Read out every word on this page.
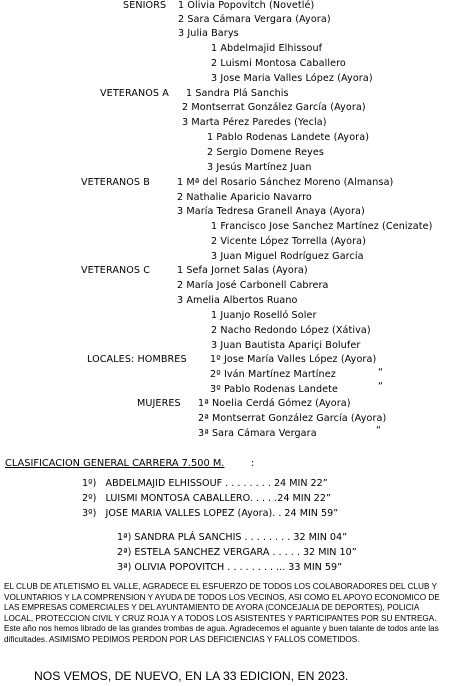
SENIORS 1 Olivia Popovitch (Novetlé)
2 Sara Cámara Vergara (Ayora)
3 Julia Barys
1 Abdelmajid Elhissouf
2 Luismi Montosa Caballero
3 Jose Maria Valles López (Ayora)
VETERANOS A 1 Sandra Plá Sanchis
2 Montserrat González García (Ayora)
3 Marta Pérez Paredes (Yecla)
1 Pablo Rodenas Landete (Ayora)
2 Sergio Domene Reyes
3 Jesús Martínez Juan
VETERANOS B	1 Mª del Rosario Sánchez Moreno (Almansa)
2 Nathalie Aparicio Navarro
3 María Tedresa Granell Anaya (Ayora)
1 Francisco Jose Sanchez Martínez (Cenizate)
2 Vicente López Torrella (Ayora)
3 Juan Miguel Rodríguez García
VETERANOS C	1 Sefa Jornet Salas (Ayora)
2 María José Carbonell Cabrera
3 Amelia Albertos Ruano
1 Juanjo Roselló Soler
2 Nacho Redondo López (Xátiva)
3 Juan Bautista Apariçi Bolufer
LOCALES: HOMBRES 1º Jose María Valles López (Ayora)
2º Iván Martínez Martínez	“
3º Pablo Rodenas Landete	“
MUJERES 1ª Noelia Cerdá Gómez (Ayora)
2ª Montserrat González García (Ayora)
3ª Sara Cámara Vergara	“
CLASIFICACION GENERAL CARRERA 7.500 M.	:
1º)   ABDELMAJID ELHISSOUF . . . . . . . . 24 MIN 22”
2º)   LUISMI MONTOSA CABALLERO. . . . .24 MIN 22”
3º)   JOSE MARIA VALLES LOPEZ (Ayora). . 24 MIN 59”
1ª) SANDRA PLÁ SANCHIS . . . . . . . . 32 MIN 04”
2ª) ESTELA SANCHEZ VERGARA . . . . . 32 MIN 10”
3ª) OLIVIA POPOVITCH . . . . . . . . ... 33 MIN 59”
EL CLUB DE ATLETISMO EL VALLE, AGRADECE EL ESFUERZO DE TODOS LOS COLABORADORES DEL CLUB Y VOLUNTARIOS Y LA COMPRENSION Y AYUDA DE TODOS LOS VECINOS, ASI COMO EL APOYO ECONOMICO DE LAS EMPRESAS COMERCIALES Y DEL AYUNTAMIENTO DE AYORA (CONCEJALIA DE DEPORTES), POLICIA LOCAL, PROTECCION CIVIL Y CRUZ ROJA Y A TODOS LOS ASISTENTES Y PARTICIPANTES POR SU ENTREGA. Este año nos hemos librado de las grandes trombas de agua. Agradecemos el aguante y buen talante de todos ante las dificultades. ASIMISMO PEDIMOS PERDON POR LAS DEFICIENCIAS Y FALLOS COMETIDOS.
NOS VEMOS, DE NUEVO, EN LA 33 EDICION, EN 2023.
